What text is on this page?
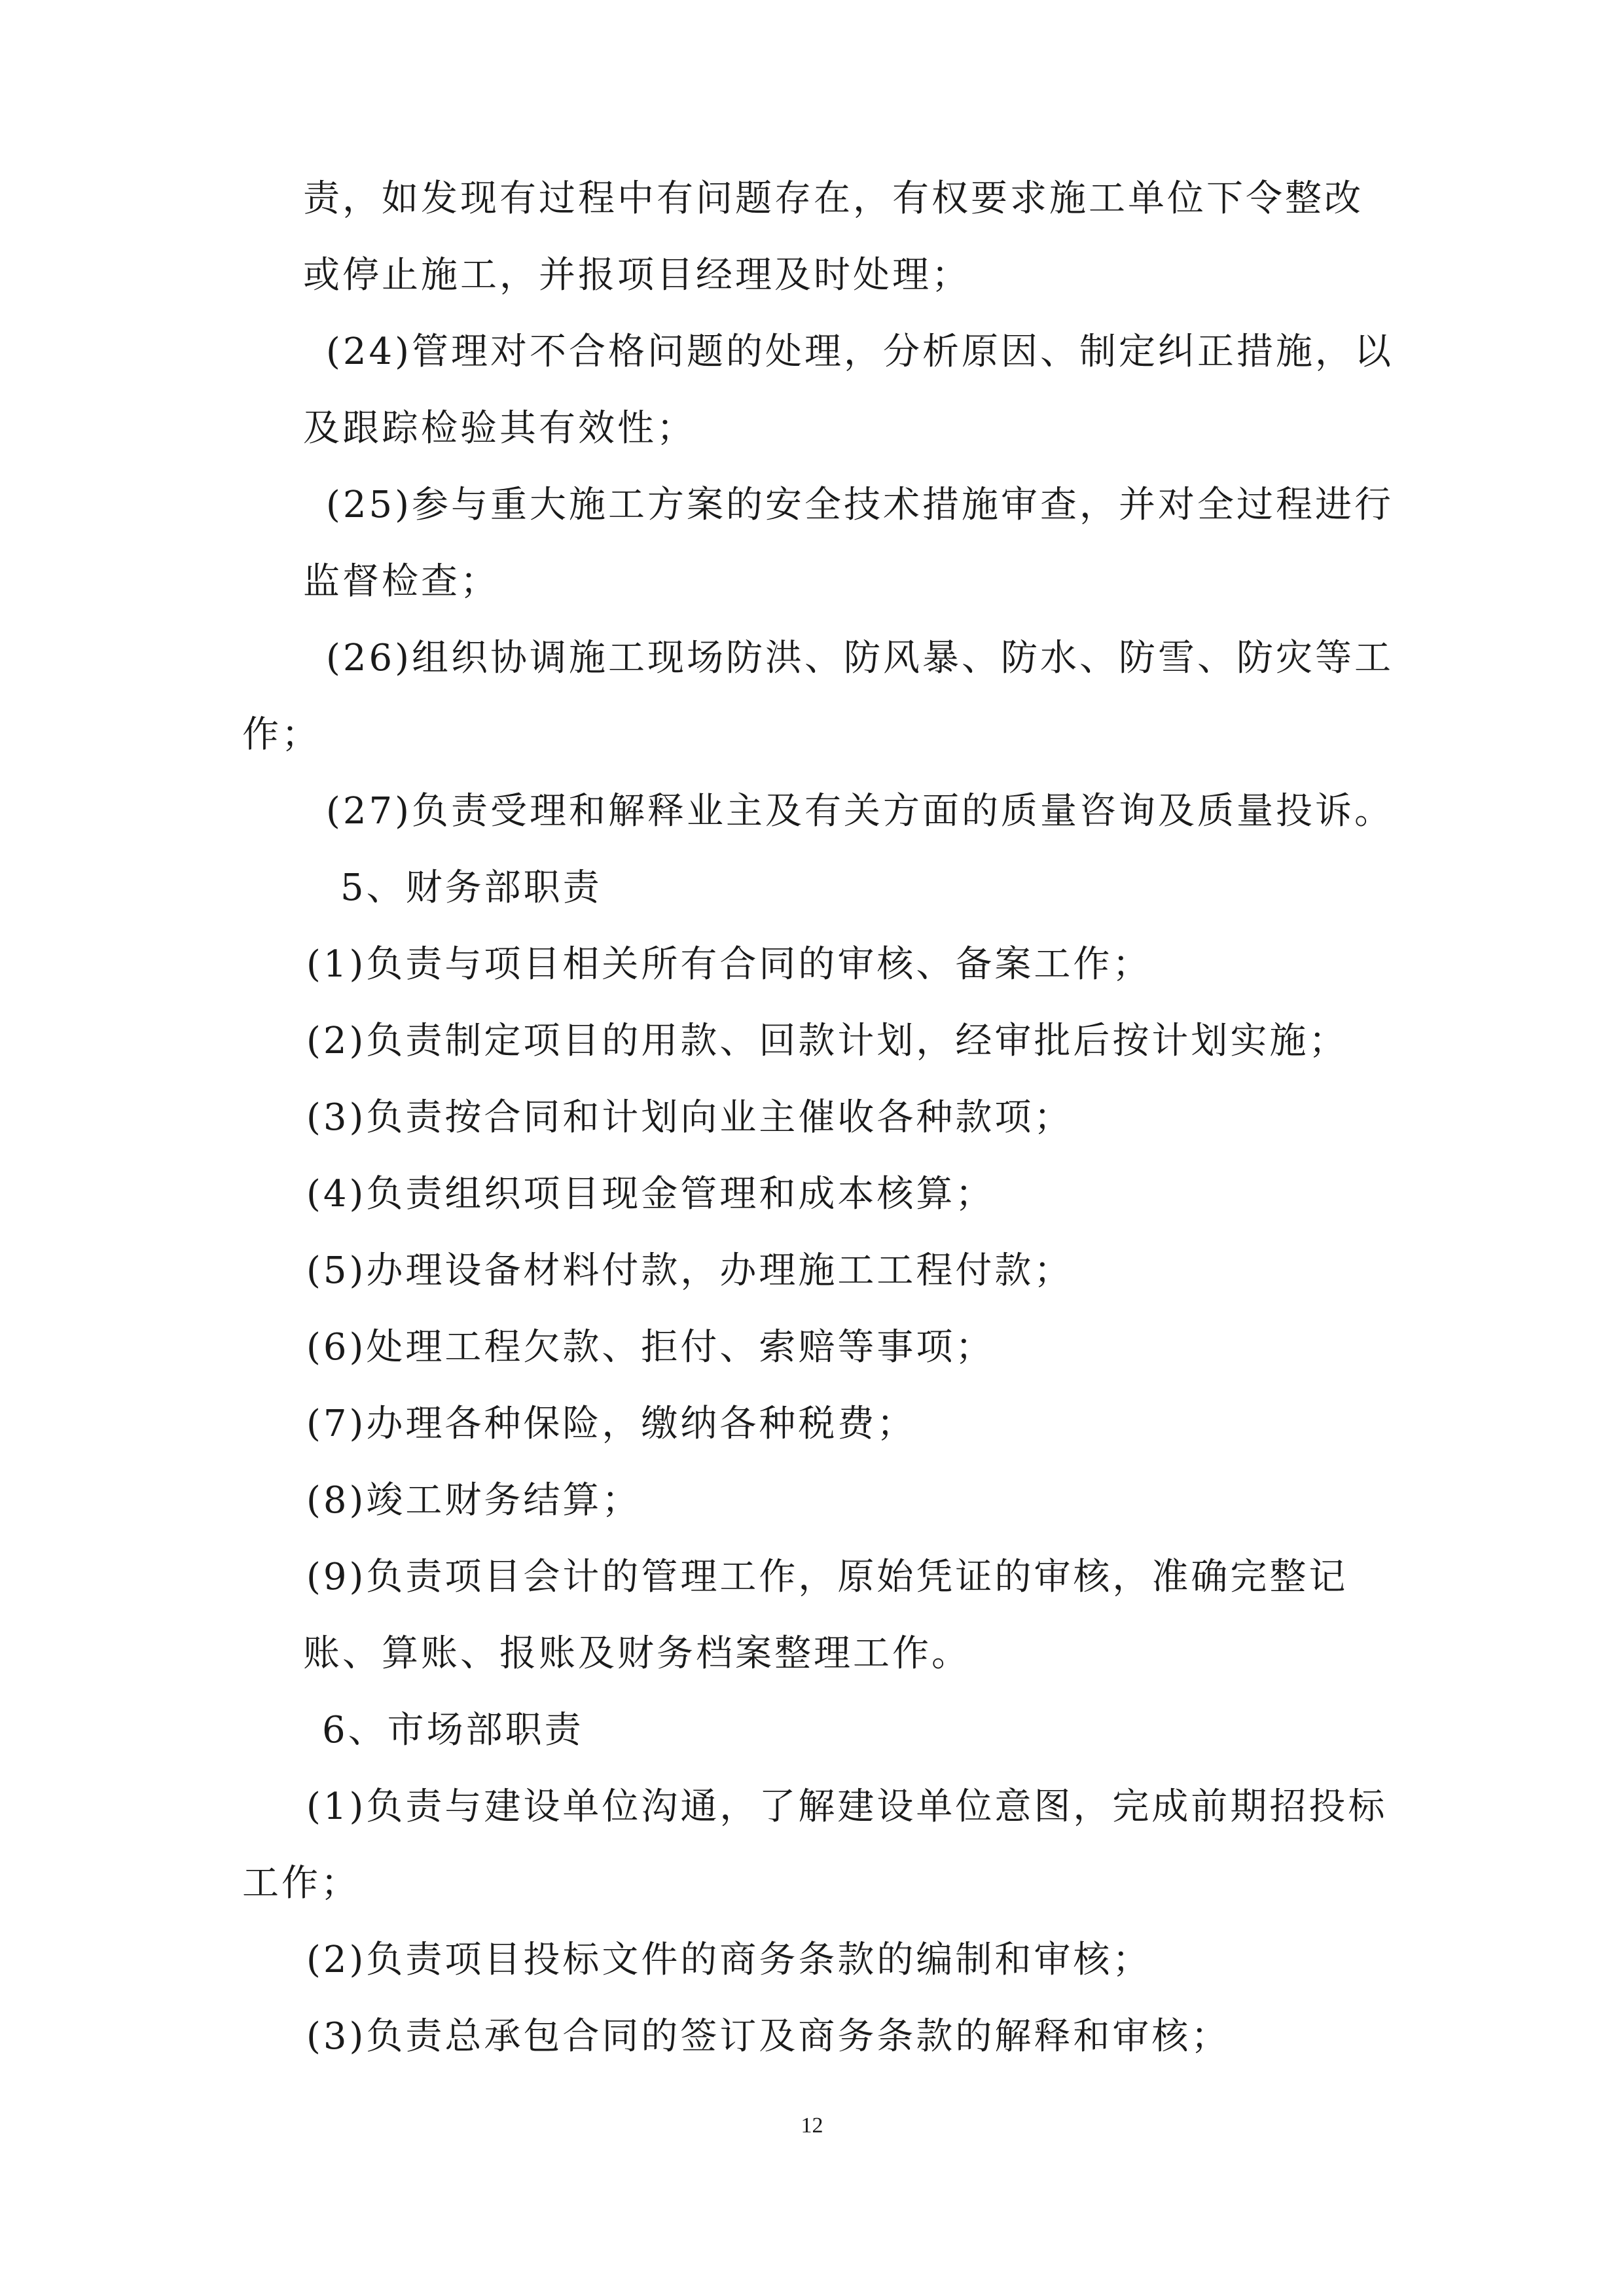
责，如发现有过程中有问题存在，有权要求施工单位下令整改

或停止施工，并报项目经理及时处理；

(24)管理对不合格问题的处理，分析原因、制定纠正措施，以

及跟踪检验其有效性；

(25)参与重大施工方案的安全技术措施审查，并对全过程进行

监督检查；

(26)组织协调施工现场防洪、防风暴、防水、防雪、防灾等工

作；

(27)负责受理和解释业主及有关方面的质量咨询及质量投诉。

5、财务部职责

(1)负责与项目相关所有合同的审核、备案工作；

(2)负责制定项目的用款、回款计划，经审批后按计划实施；

(3)负责按合同和计划向业主催收各种款项；

(4)负责组织项目现金管理和成本核算；

(5)办理设备材料付款，办理施工工程付款；

(6)处理工程欠款、拒付、索赔等事项；

(7)办理各种保险，缴纳各种税费；

(8)竣工财务结算；

(9)负责项目会计的管理工作，原始凭证的审核，准确完整记

账、算账、报账及财务档案整理工作。

6、市场部职责

(1)负责与建设单位沟通，了解建设单位意图，完成前期招投标

工作；

(2)负责项目投标文件的商务条款的编制和审核；

(3)负责总承包合同的签订及商务条款的解释和审核；

12
